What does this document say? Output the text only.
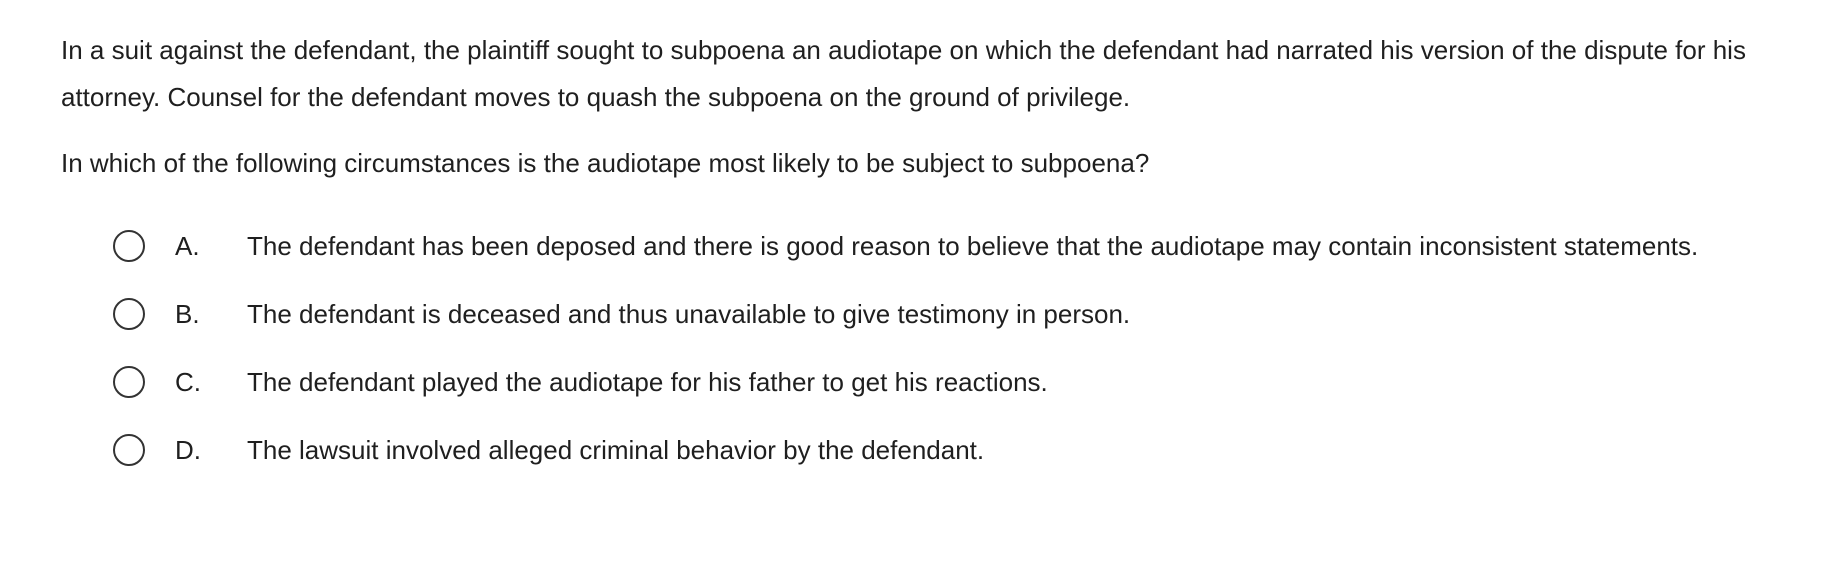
In a suit against the defendant, the plaintiff sought to subpoena an audiotape on which the defendant had narrated his version of the dispute for his attorney. Counsel for the defendant moves to quash the subpoena on the ground of privilege.

In which of the following circumstances is the audiotape most likely to be subject to subpoena?

A. The defendant has been deposed and there is good reason to believe that the audiotape may contain inconsistent statements.
B. The defendant is deceased and thus unavailable to give testimony in person.
C. The defendant played the audiotape for his father to get his reactions.
D. The lawsuit involved alleged criminal behavior by the defendant.
